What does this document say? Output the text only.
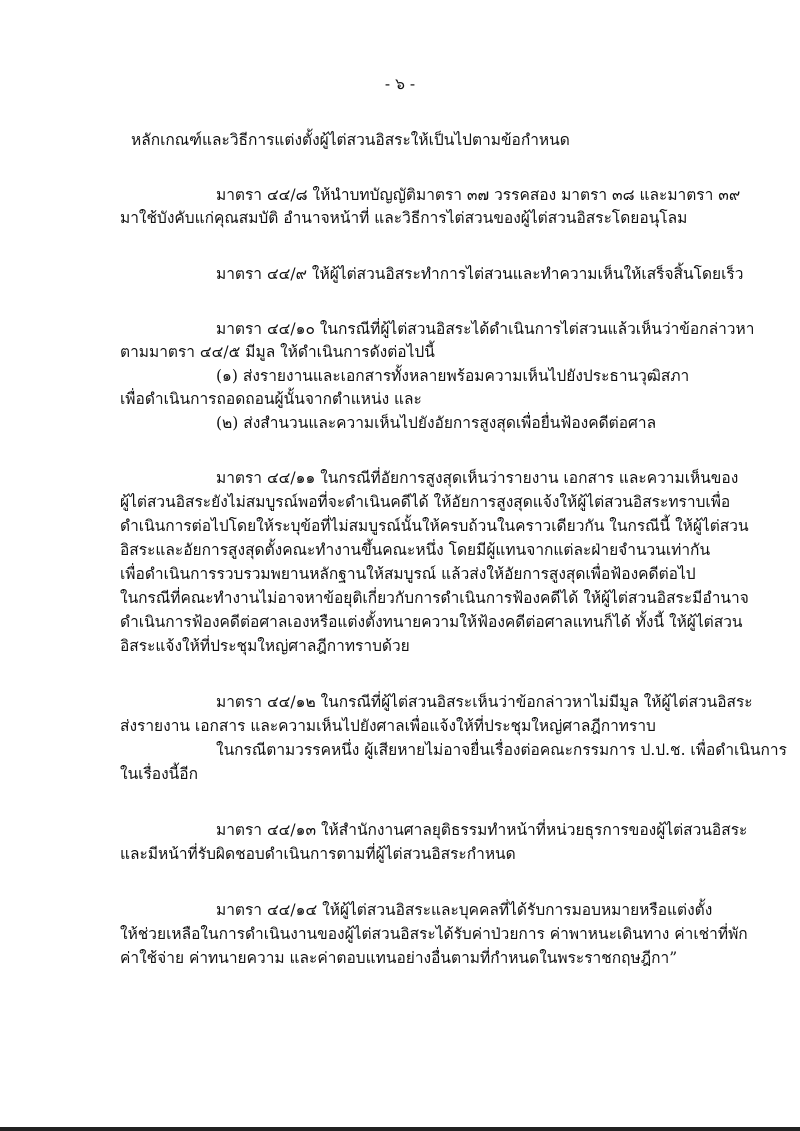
- ๖ -
หลักเกณฑ์และวิธีการแต่งตั้งผู้ไต่สวนอิสระให้เป็นไปตามข้อกำหนด
มาตรา ๔๔/๘ ให้นำบทบัญญัติมาตรา ๓๗ วรรคสอง มาตรา ๓๘ และมาตรา ๓๙
มาใช้บังคับแก่คุณสมบัติ อำนาจหน้าที่ และวิธีการไต่สวนของผู้ไต่สวนอิสระโดยอนุโลม
มาตรา ๔๔/๙ ให้ผู้ไต่สวนอิสระทำการไต่สวนและทำความเห็นให้เสร็จสิ้นโดยเร็ว
มาตรา ๔๔/๑๐ ในกรณีที่ผู้ไต่สวนอิสระได้ดำเนินการไต่สวนแล้วเห็นว่าข้อกล่าวหา
ตามมาตรา ๔๔/๕ มีมูล ให้ดำเนินการดังต่อไปนี้
(๑) ส่งรายงานและเอกสารทั้งหลายพร้อมความเห็นไปยังประธานวุฒิสภา
เพื่อดำเนินการถอดถอนผู้นั้นจากตำแหน่ง และ
(๒) ส่งสำนวนและความเห็นไปยังอัยการสูงสุดเพื่อยื่นฟ้องคดีต่อศาล
มาตรา ๔๔/๑๑ ในกรณีที่อัยการสูงสุดเห็นว่ารายงาน เอกสาร และความเห็นของ
ผู้ไต่สวนอิสระยังไม่สมบูรณ์พอที่จะดำเนินคดีได้ ให้อัยการสูงสุดแจ้งให้ผู้ไต่สวนอิสระทราบเพื่อ
ดำเนินการต่อไปโดยให้ระบุข้อที่ไม่สมบูรณ์นั้นให้ครบถ้วนในคราวเดียวกัน ในกรณีนี้ ให้ผู้ไต่สวน
อิสระและอัยการสูงสุดตั้งคณะทำงานขึ้นคณะหนึ่ง โดยมีผู้แทนจากแต่ละฝ่ายจำนวนเท่ากัน
เพื่อดำเนินการรวบรวมพยานหลักฐานให้สมบูรณ์ แล้วส่งให้อัยการสูงสุดเพื่อฟ้องคดีต่อไป
ในกรณีที่คณะทำงานไม่อาจหาข้อยุติเกี่ยวกับการดำเนินการฟ้องคดีได้ ให้ผู้ไต่สวนอิสระมีอำนาจ
ดำเนินการฟ้องคดีต่อศาลเองหรือแต่งตั้งทนายความให้ฟ้องคดีต่อศาลแทนก็ได้ ทั้งนี้ ให้ผู้ไต่สวน
อิสระแจ้งให้ที่ประชุมใหญ่ศาลฎีกาทราบด้วย
มาตรา ๔๔/๑๒ ในกรณีที่ผู้ไต่สวนอิสระเห็นว่าข้อกล่าวหาไม่มีมูล ให้ผู้ไต่สวนอิสระ
ส่งรายงาน เอกสาร และความเห็นไปยังศาลเพื่อแจ้งให้ที่ประชุมใหญ่ศาลฎีกาทราบ
ในกรณีตามวรรคหนึ่ง ผู้เสียหายไม่อาจยื่นเรื่องต่อคณะกรรมการ ป.ป.ช. เพื่อดำเนินการ
ในเรื่องนี้อีก
มาตรา ๔๔/๑๓ ให้สำนักงานศาลยุติธรรมทำหน้าที่หน่วยธุรการของผู้ไต่สวนอิสระ
และมีหน้าที่รับผิดชอบดำเนินการตามที่ผู้ไต่สวนอิสระกำหนด
มาตรา ๔๔/๑๔ ให้ผู้ไต่สวนอิสระและบุคคลที่ได้รับการมอบหมายหรือแต่งตั้ง
ให้ช่วยเหลือในการดำเนินงานของผู้ไต่สวนอิสระได้รับค่าป่วยการ ค่าพาหนะเดินทาง ค่าเช่าที่พัก
ค่าใช้จ่าย ค่าทนายความ และค่าตอบแทนอย่างอื่นตามที่กำหนดในพระราชกฤษฎีกา”
